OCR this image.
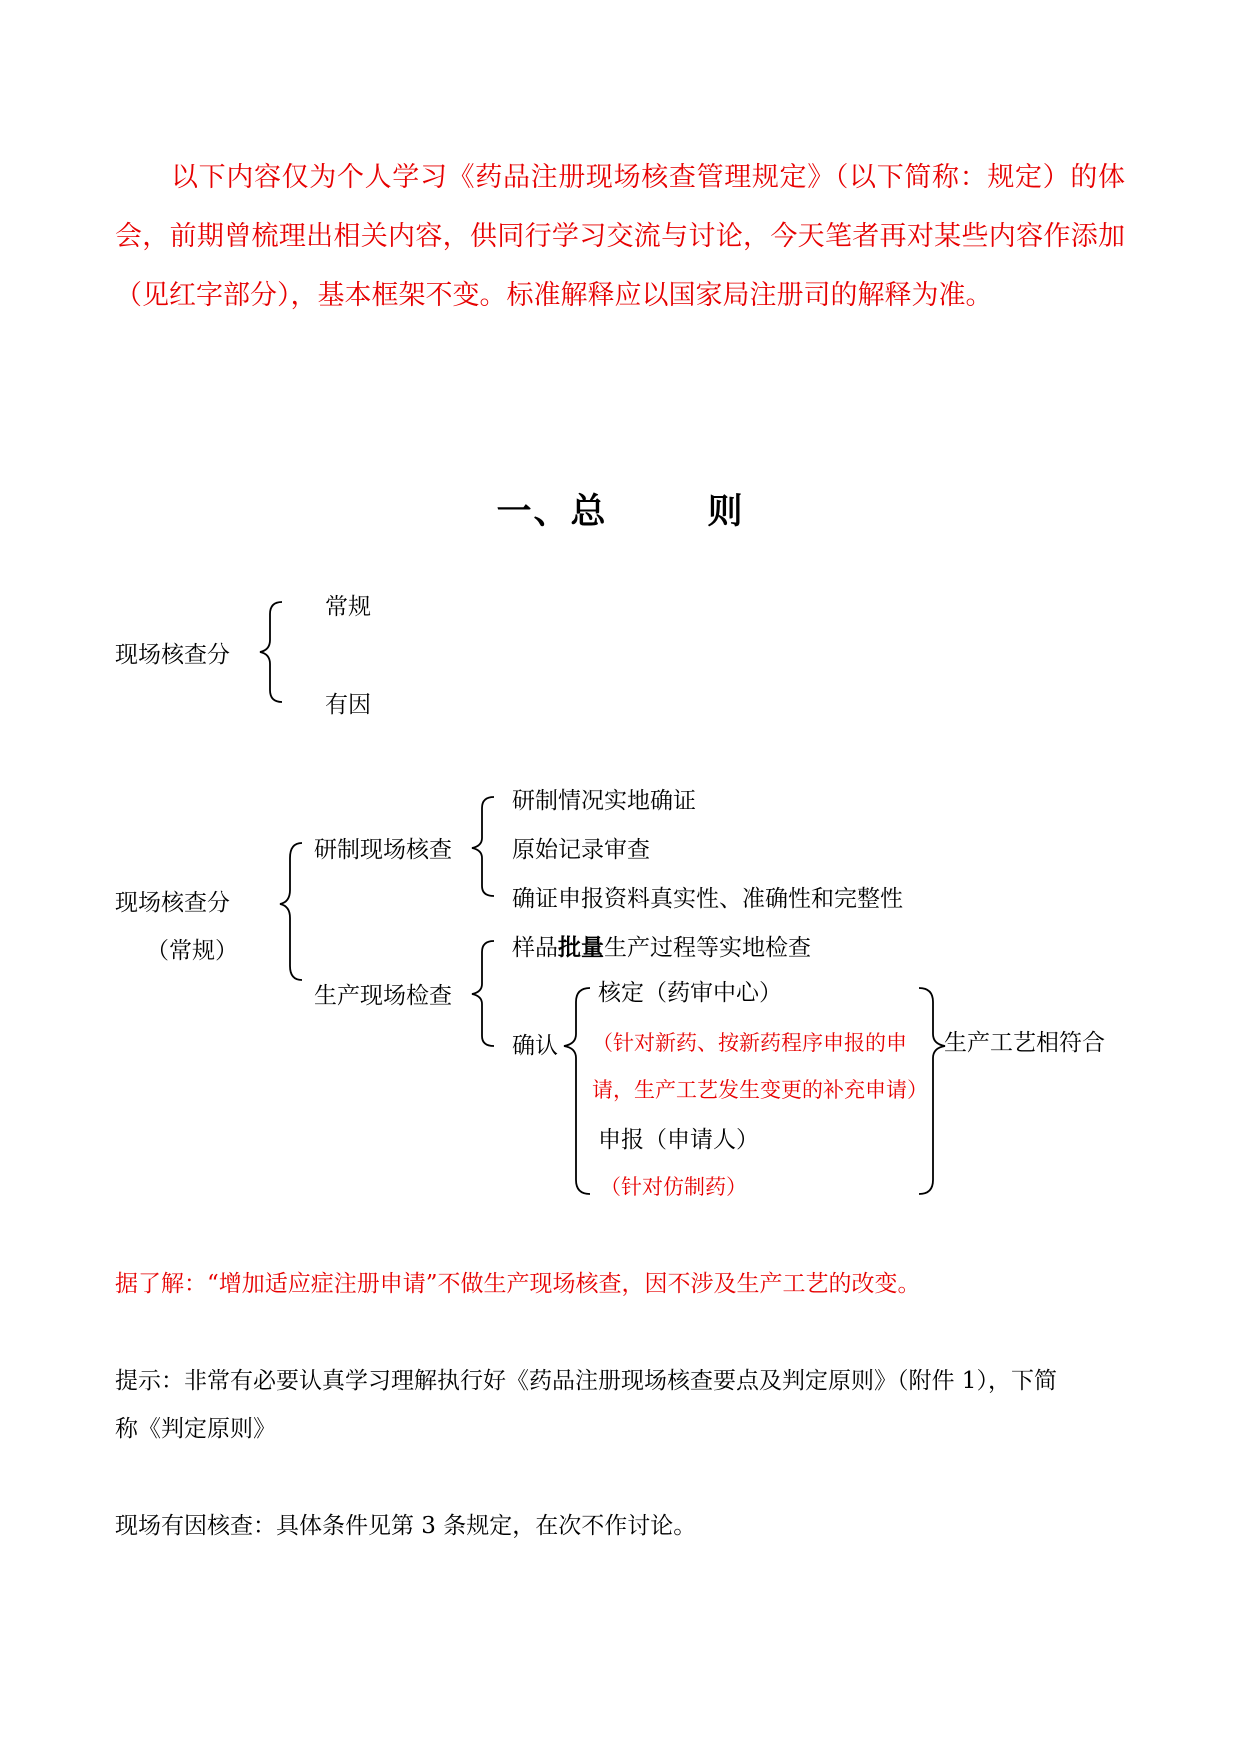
以下内容仅为个人学习《药品注册现场核查管理规定》（以下简称：规定）的体会，前期曾梳理出相关内容，供同行学习交流与讨论，今天笔者再对某些内容作添加（见红字部分），基本框架不变。标准解释应以国家局注册司的解释为准。
一、总	则
现场核查分
常规
有因
现场核查分
（常规）
研制现场核查
研制情况实地确证
原始记录审查
确证申报资料真实性、准确性和完整性
生产现场检查
样品批量生产过程等实地检查
确认
核定（药审中心）
（针对新药、按新药程序申报的申
请，生产工艺发生变更的补充申请）
申报（申请人）
（针对仿制药）
生产工艺相符合
据了解：“增加适应症注册申请”不做生产现场核查，因不涉及生产工艺的改变。
提示：非常有必要认真学习理解执行好《药品注册现场核查要点及判定原则》（附件 1），下简
称《判定原则》
现场有因核查：具体条件见第 3 条规定，在次不作讨论。
